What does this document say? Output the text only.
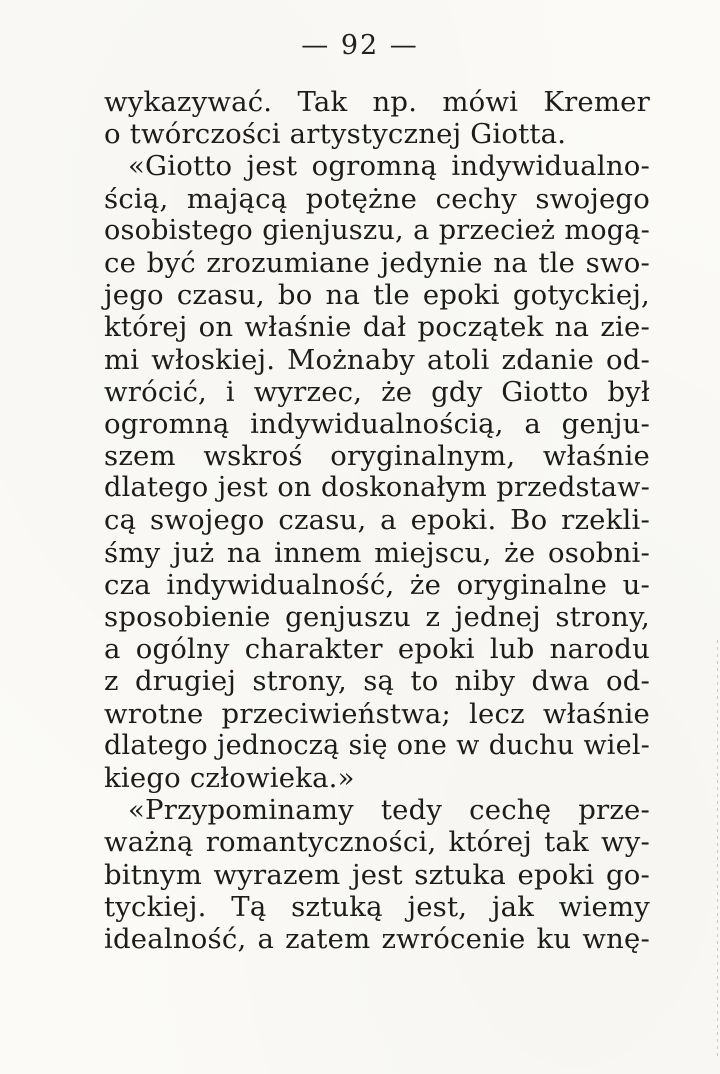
— 92 —
wykazywać. Tak np. mówi Kremer
o twórczości artystycznej Giotta.
«Giotto jest ogromną indywidualno-
ścią, mającą potężne cechy swojego
osobistego gienjuszu, a przecież mogą-
ce być zrozumiane jedynie na tle swo-
jego czasu, bo na tle epoki gotyckiej,
której on właśnie dał początek na zie-
mi włoskiej. Możnaby atoli zdanie od-
wrócić, i wyrzec, że gdy Giotto był
ogromną indywidualnością, a genju-
szem wskroś oryginalnym, właśnie
dlatego jest on doskonałym przedstaw-
cą swojego czasu, a epoki. Bo rzekli-
śmy już na innem miejscu, że osobni-
cza indywidualność, że oryginalne u-
sposobienie genjuszu z jednej strony,
a ogólny charakter epoki lub narodu
z drugiej strony, są to niby dwa od-
wrotne przeciwieństwa; lecz właśnie
dlatego jednoczą się one w duchu wiel-
kiego człowieka.»
«Przypominamy tedy cechę prze-
ważną romantyczności, której tak wy-
bitnym wyrazem jest sztuka epoki go-
tyckiej. Tą sztuką jest, jak wiemy
idealność, a zatem zwrócenie ku wnę-
